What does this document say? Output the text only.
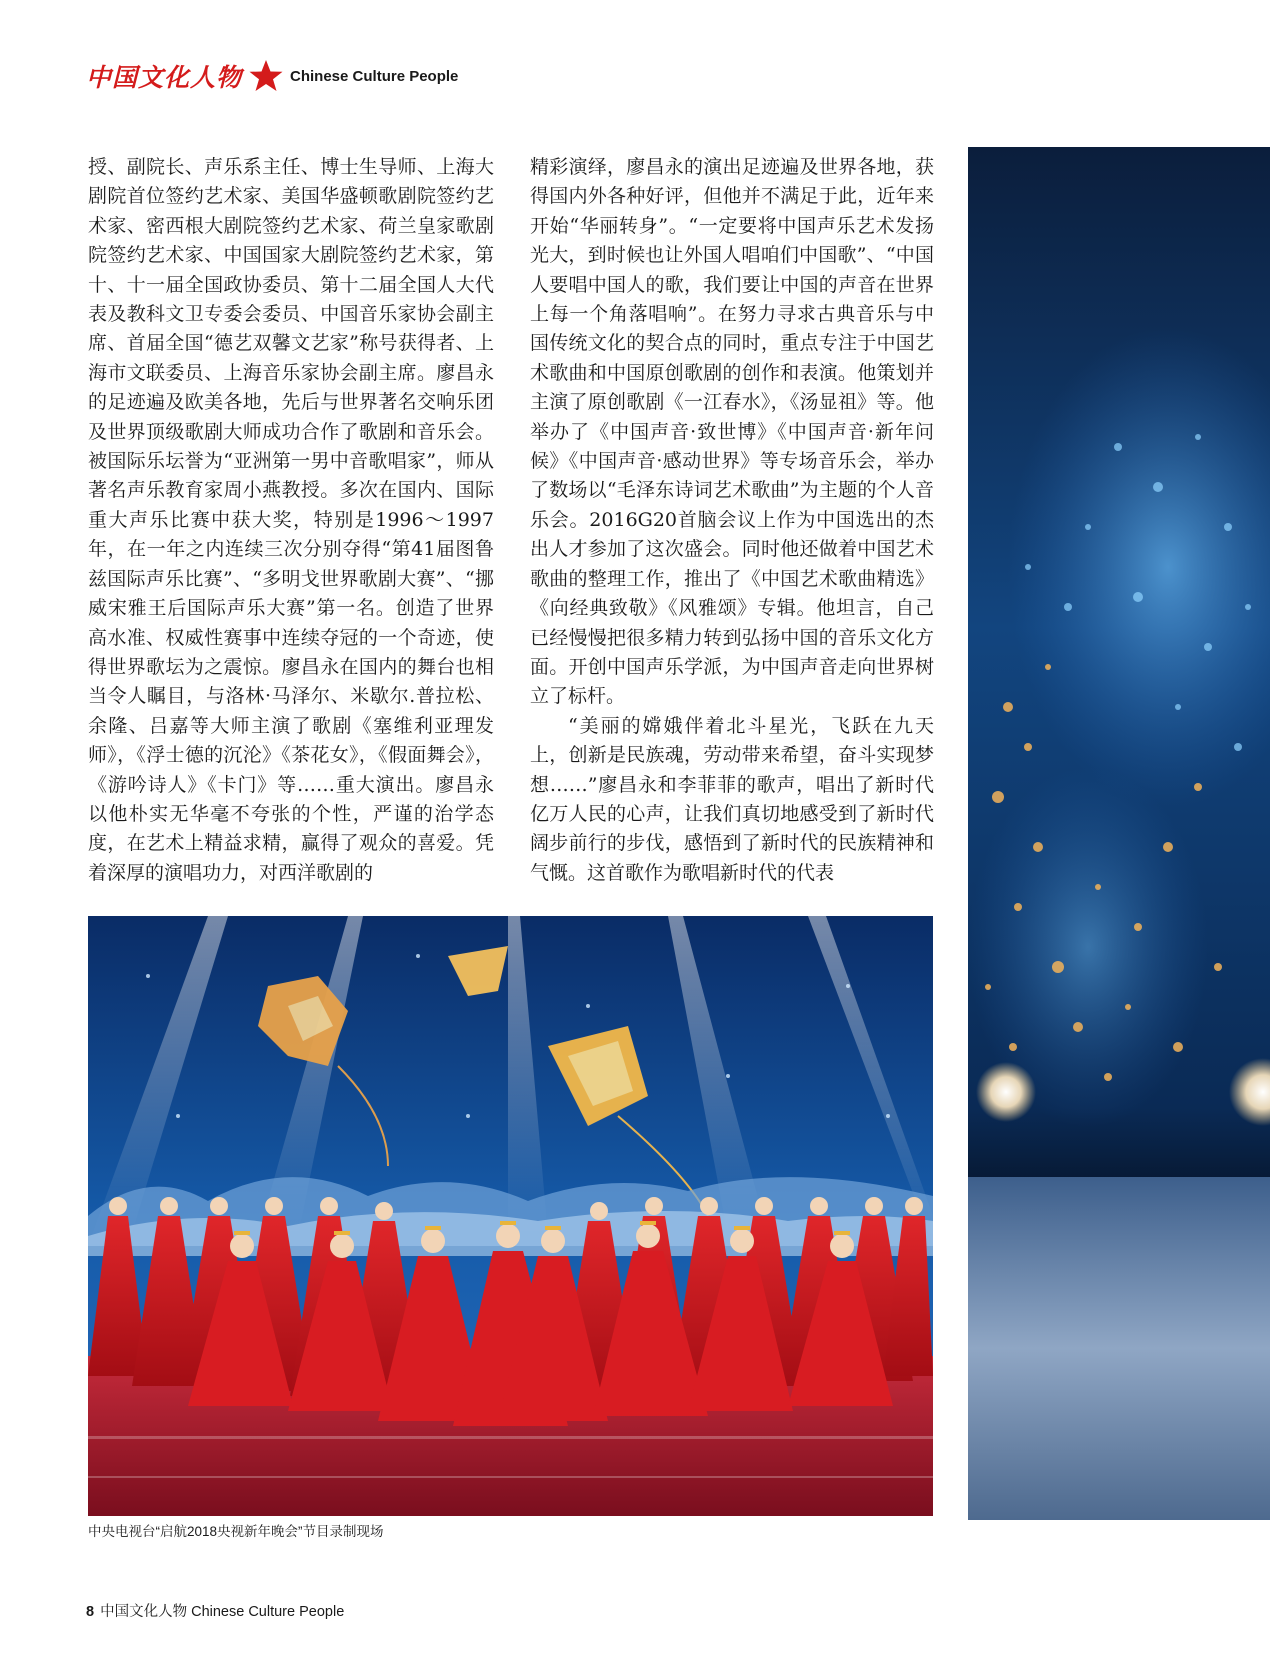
中国文化人物	Chinese Culture People

授、副院长、声乐系主任、博士生导师、上海大剧院首位签约艺术家、美国华盛顿歌剧院签约艺术家、密西根大剧院签约艺术家、荷兰皇家歌剧院签约艺术家、中国国家大剧院签约艺术家，第十、十一届全国政协委员、第十二届全国人大代表及教科文卫专委会委员、中国音乐家协会副主席、首届全国“德艺双馨文艺家”称号获得者、上海市文联委员、上海音乐家协会副主席。廖昌永的足迹遍及欧美各地，先后与世界著名交响乐团及世界顶级歌剧大师成功合作了歌剧和音乐会。被国际乐坛誉为“亚洲第一男中音歌唱家”，师从著名声乐教育家周小燕教授。多次在国内、国际重大声乐比赛中获大奖，特别是1996～1997年，在一年之内连续三次分别夺得“第41届图鲁兹国际声乐比赛”、“多明戈世界歌剧大赛”、“挪威宋雅王后国际声乐大赛”第一名。创造了世界高水准、权威性赛事中连续夺冠的一个奇迹，使得世界歌坛为之震惊。廖昌永在国内的舞台也相当令人瞩目，与洛林·马泽尔、米歇尔.普拉松、余隆、吕嘉等大师主演了歌剧《塞维利亚理发师》，《浮士德的沉沦》《茶花女》，《假面舞会》，《游吟诗人》《卡门》等……重大演出。廖昌永以他朴实无华毫不夸张的个性，严谨的治学态度，在艺术上精益求精，赢得了观众的喜爱。凭着深厚的演唱功力，对西洋歌剧的

精彩演绎，廖昌永的演出足迹遍及世界各地，获得国内外各种好评，但他并不满足于此，近年来开始“华丽转身”。“一定要将中国声乐艺术发扬光大，到时候也让外国人唱咱们中国歌”、“中国人要唱中国人的歌，我们要让中国的声音在世界上每一个角落唱响”。在努力寻求古典音乐与中国传统文化的契合点的同时，重点专注于中国艺术歌曲和中国原创歌剧的创作和表演。他策划并主演了原创歌剧《一江春水》，《汤显祖》等。他举办了《中国声音·致世博》《中国声音·新年问候》《中国声音·感动世界》等专场音乐会，举办了数场以“毛泽东诗词艺术歌曲”为主题的个人音乐会。2016G20首脑会议上作为中国选出的杰出人才参加了这次盛会。同时他还做着中国艺术歌曲的整理工作，推出了《中国艺术歌曲精选》《向经典致敬》《风雅颂》专辑。他坦言，自己已经慢慢把很多精力转到弘扬中国的音乐文化方面。开创中国声乐学派，为中国声音走向世界树立了标杆。

“美丽的嫦娥伴着北斗星光，飞跃在九天上，创新是民族魂，劳动带来希望，奋斗实现梦想……”廖昌永和李菲菲的歌声，唱出了新时代亿万人民的心声，让我们真切地感受到了新时代阔步前行的步伐，感悟到了新时代的民族精神和气慨。这首歌作为歌唱新时代的代表

中央电视台“启航2018央视新年晚会”节目录制现场
8 中国文化人物 Chinese Culture People
